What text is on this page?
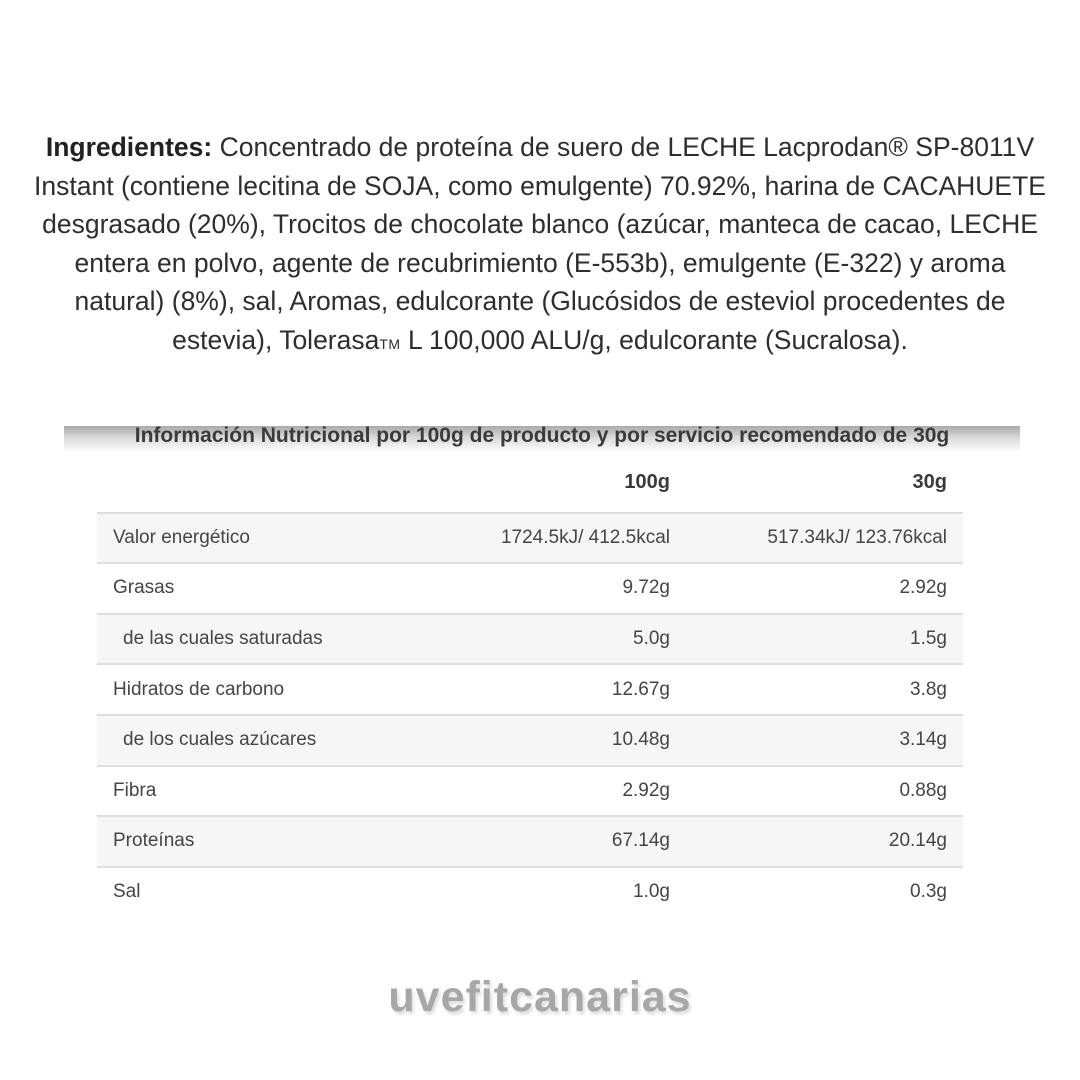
Ingredientes: Concentrado de proteína de suero de LECHE Lacprodan® SP-8011V Instant (contiene lecitina de SOJA, como emulgente) 70.92%, harina de CACAHUETE desgrasado (20%), Trocitos de chocolate blanco (azúcar, manteca de cacao, LECHE entera en polvo, agente de recubrimiento (E-553b), emulgente (E-322) y aroma natural) (8%), sal, Aromas, edulcorante (Glucósidos de esteviol procedentes de estevia), TolerasaTM L 100,000 ALU/g, edulcorante (Sucralosa).

Información Nutricional por 100g de producto y por servicio recomendado de 30g
100g	30g
Valor energético	1724.5kJ/ 412.5kcal	517.34kJ/ 123.76kcal
Grasas	9.72g	2.92g
de las cuales saturadas	5.0g	1.5g
Hidratos de carbono	12.67g	3.8g
de los cuales azúcares	10.48g	3.14g
Fibra	2.92g	0.88g
Proteínas	67.14g	20.14g
Sal	1.0g	0.3g
uvefitcanarias
